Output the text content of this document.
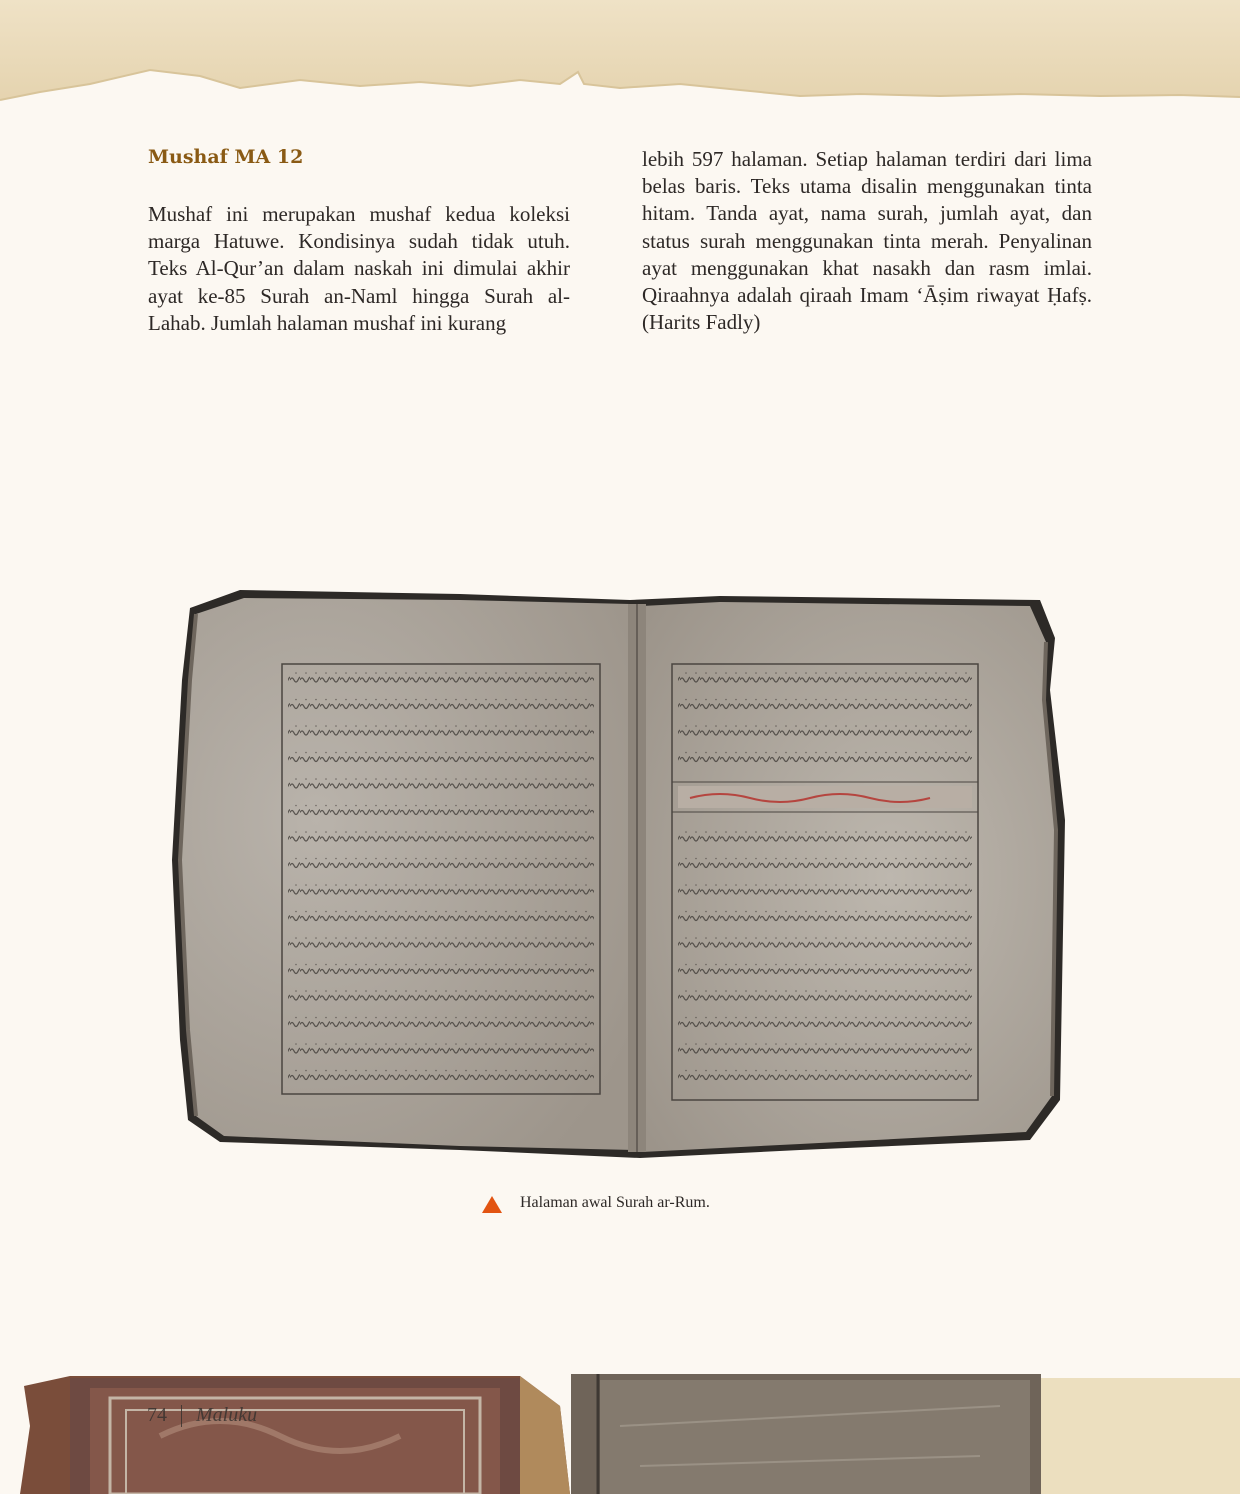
Mushaf MA 12

Mushaf ini merupakan mushaf kedua koleksi marga Hatuwe. Kondisinya sudah tidak utuh. Teks Al-Qur’an dalam naskah ini dimulai akhir ayat ke-85 Surah an-Naml hingga Surah al-Lahab. Jumlah halaman mushaf ini kurang

lebih 597 halaman. Setiap halaman terdiri dari lima belas baris. Teks utama disalin menggunakan tinta hitam. Tanda ayat, nama surah, jumlah ayat, dan status surah menggunakan tinta merah. Penyalinan ayat menggunakan khat nasakh dan rasm imlai. Qiraahnya adalah qiraah Imam ‘Āṣim riwayat Ḥafṣ. (Harits Fadly)

Halaman awal Surah ar-Rum.

74 Maluku
